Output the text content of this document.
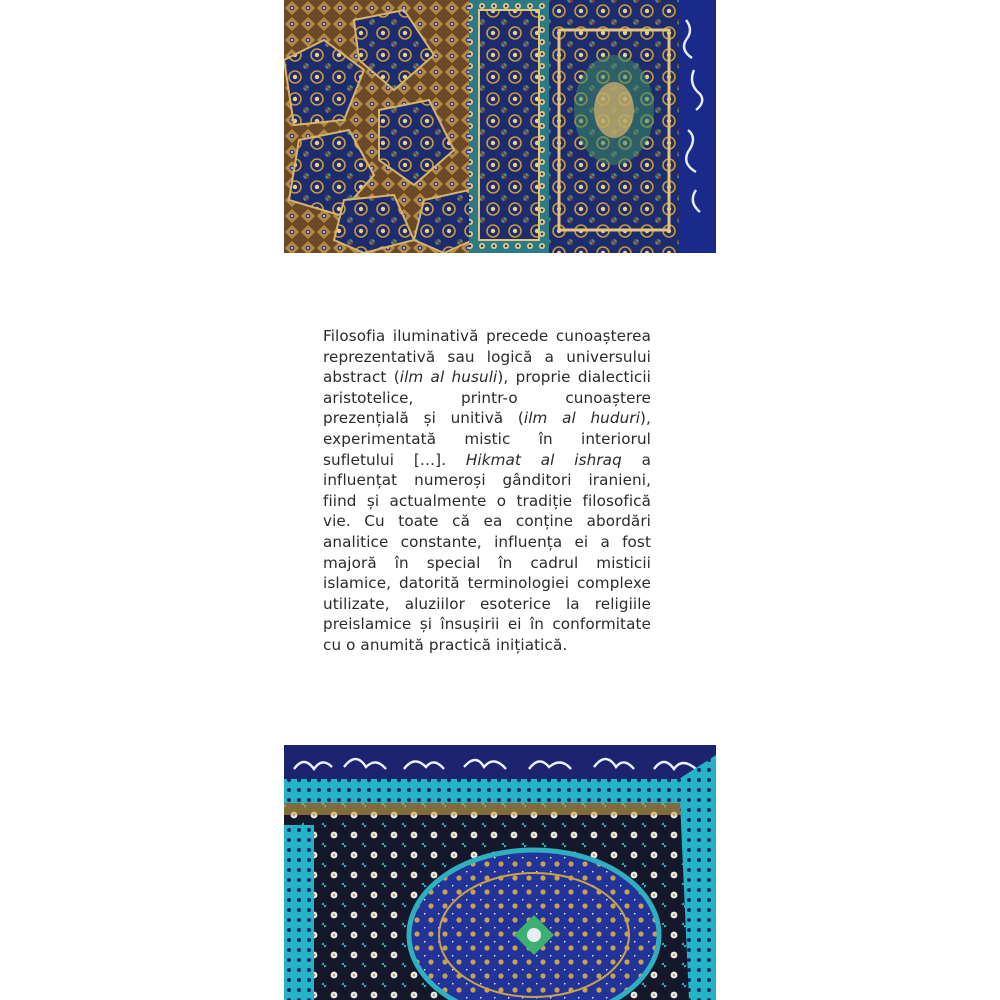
Filosofia iluminativă precede cunoașterea reprezentativă sau logică a universului abstract (ilm al husuli), proprie dialecticii aristotelice, printr-o cunoaștere prezențială și unitivă (ilm al huduri), experimentată mistic în interiorul sufletului […]. Hikmat al ishraq a influențat numeroși gânditori iranieni, fiind și actualmente o tradiție filosofică vie. Cu toate că ea conține abordări analitice constante, influența ei a fost majoră în special în cadrul misticii islamice, datorită terminologiei complexe utilizate, aluziilor esoterice la religiile preislamice și însușirii ei în conformitate cu o anumită practică inițiatică.
